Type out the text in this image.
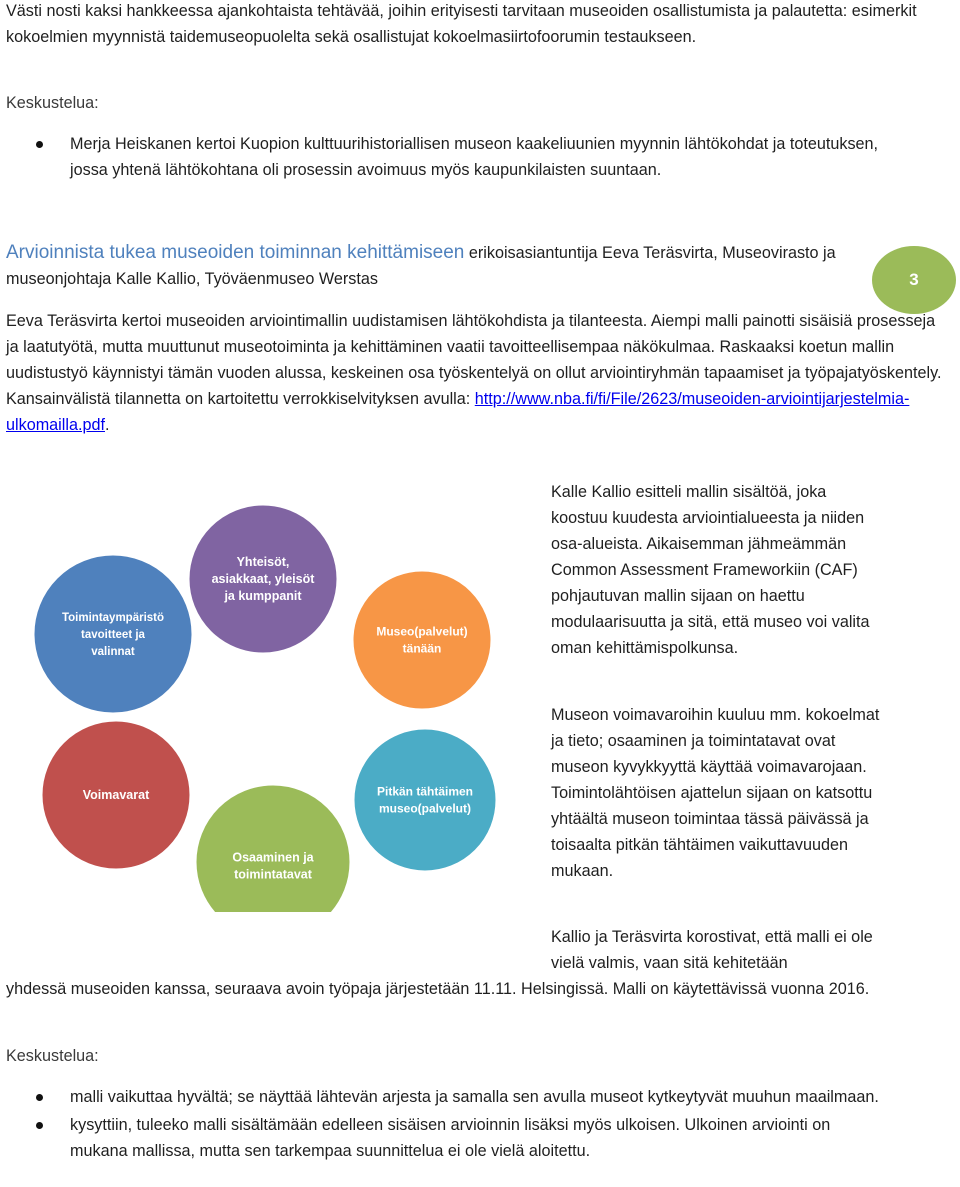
Västi nosti kaksi hankkeessa ajankohtaista tehtävää, joihin erityisesti tarvitaan museoiden osallistumista ja palautetta: esimerkit kokoelmien myynnistä taidemuseopuolelta sekä osallistujat kokoelmasiirtofoorumin testaukseen.

Keskustelua:

Merja Heiskanen kertoi Kuopion kulttuurihistoriallisen museon kaakeliuunien myynnin lähtökohdat ja toteutuksen, jossa yhtenä lähtökohtana oli prosessin avoimuus myös kaupunkilaisten suuntaan.

Arvioinnista tukea museoiden toiminnan kehittämiseen erikoisasiantuntija Eeva Teräsvirta, Museovirasto ja museonjohtaja Kalle Kallio, Työväenmuseo Werstas	3

Eeva Teräsvirta kertoi museoiden arviointimallin uudistamisen lähtökohdista ja tilanteesta. Aiempi malli painotti sisäisiä prosesseja ja laatutyötä, mutta muuttunut museotoiminta ja kehittäminen vaatii tavoitteellisempaa näkökulmaa. Raskaaksi koetun mallin uudistustyö käynnistyi tämän vuoden alussa, keskeinen osa työskentelyä on ollut arviointiryhmän tapaamiset ja työpajatyöskentely. Kansainvälistä tilannetta on kartoitettu verrokkiselvityksen avulla: http://www.nba.fi/fi/File/2623/museoiden-arviointijarjestelmia-ulkomailla.pdf.

Yhteisöt, asiakkaat, yleisöt ja kumppanit
Museo(palvelut) tänään
Pitkän tähtäimen museo(palvelut)
Osaaminen ja toimintatavat
Voimavarat
Toimintaympäristö tavoitteet ja valinnat

Kalle Kallio esitteli mallin sisältöä, joka koostuu kuudesta arviointialueesta ja niiden osa-alueista. Aikaisemman jähmeämmän Common Assessment Frameworkiin (CAF) pohjautuvan mallin sijaan on haettu modulaarisuutta ja sitä, että museo voi valita oman kehittämispolkunsa.

Museon voimavaroihin kuuluu mm. kokoelmat ja tieto; osaaminen ja toimintatavat ovat museon kyvykkyyttä käyttää voimavarojaan. Toimintolähtöisen ajattelun sijaan on katsottu yhtäältä museon toimintaa tässä päivässä ja toisaalta pitkän tähtäimen vaikuttavuuden mukaan.

Kallio ja Teräsvirta korostivat, että malli ei ole vielä valmis, vaan sitä kehitetään

yhdessä museoiden kanssa, seuraava avoin työpaja järjestetään 11.11. Helsingissä. Malli on käytettävissä vuonna 2016.

Keskustelua:

malli vaikuttaa hyvältä; se näyttää lähtevän arjesta ja samalla sen avulla museot kytkeytyvät muuhun maailmaan.
kysyttiin, tuleeko malli sisältämään edelleen sisäisen arvioinnin lisäksi myös ulkoisen. Ulkoinen arviointi on mukana mallissa, mutta sen tarkempaa suunnittelua ei ole vielä aloitettu.
